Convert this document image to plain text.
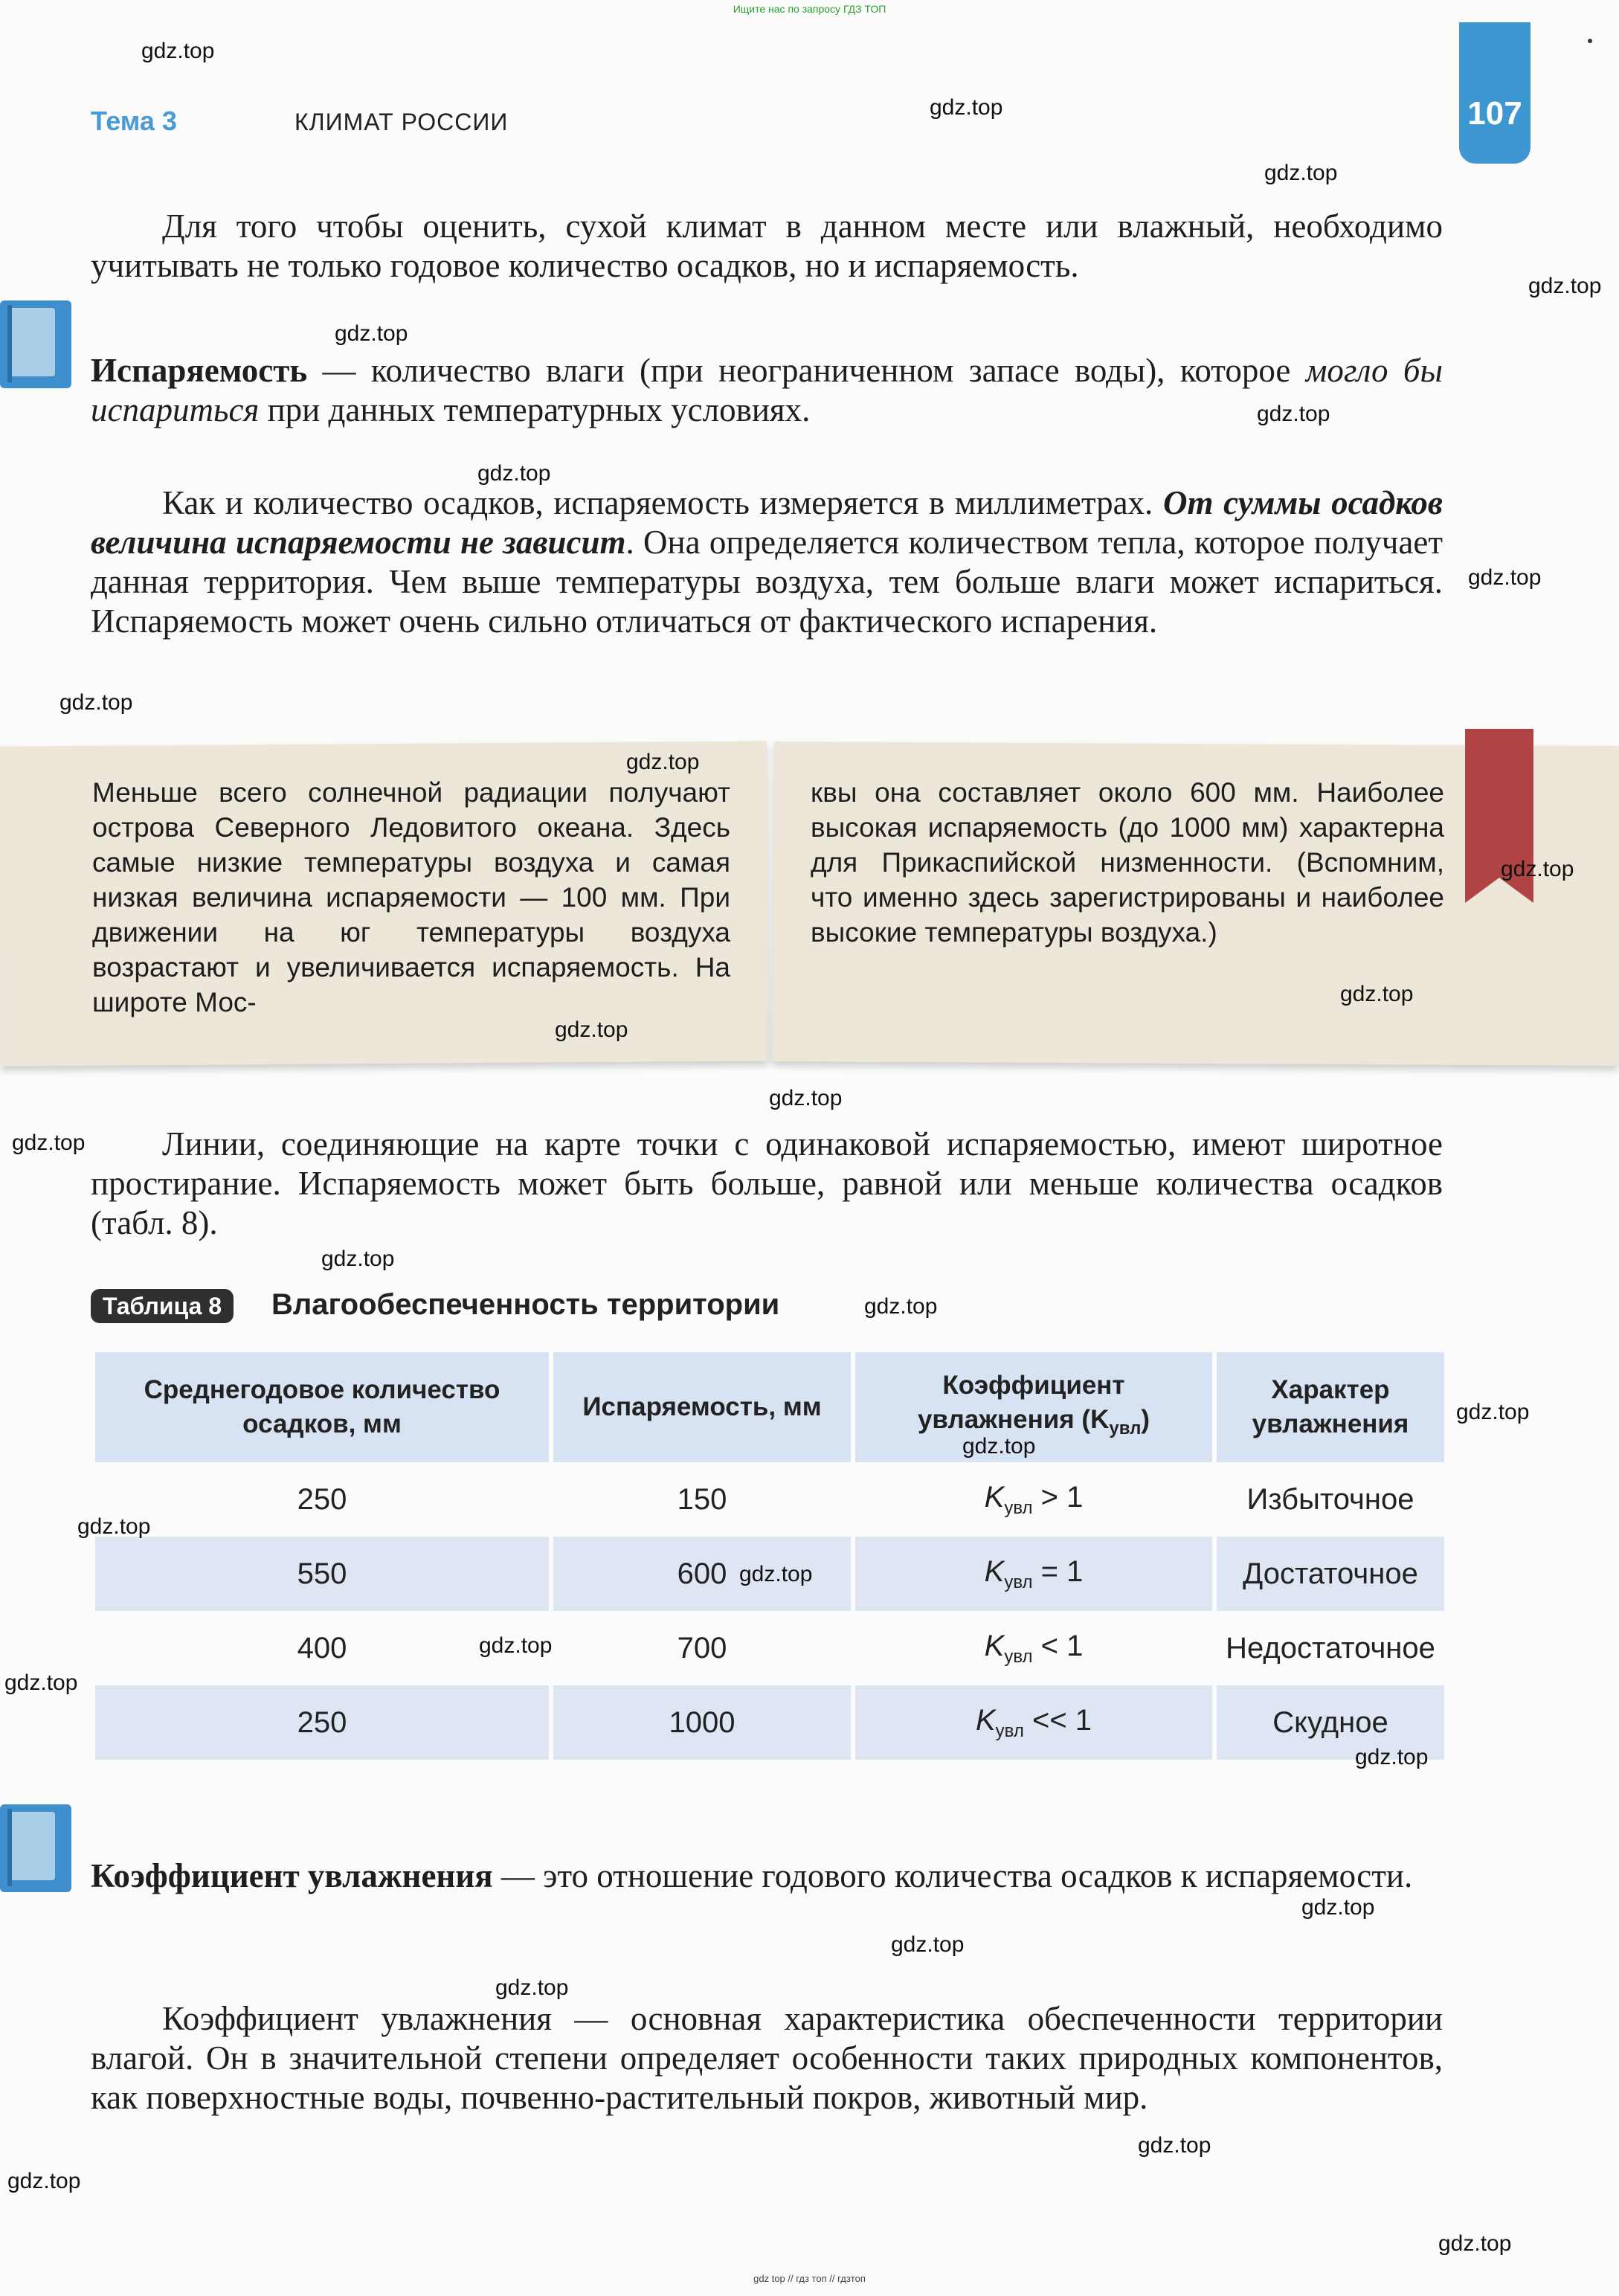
Ищите нас по запросу ГДЗ ТОП
107
Тема 3	КЛИМАТ РОССИИ

Для того чтобы оценить, сухой климат в данном месте или влажный, необходимо учитывать не только годовое количество осадков, но и испаряемость.

Испаряемость — количество влаги (при неограниченном запасе воды), которое могло бы испариться при данных температурных условиях.

Как и количество осадков, испаряемость измеряется в миллиметрах. От суммы осадков величина испаряемости не зависит. Она определяется количеством тепла, которое получает данная территория. Чем выше температуры воздуха, тем больше влаги может испариться. Испаряемость может очень сильно отличаться от фактического испарения.

Меньше всего солнечной радиации получают острова Северного Ледовитого океана. Здесь самые низкие температуры воздуха и самая низкая величина испаряемости — 100 мм. При движении на юг температуры воздуха возрастают и увеличивается испаряемость. На широте Мос-
квы она составляет около 600 мм. Наиболее высокая испаряемость (до 1000 мм) характерна для Прикаспийской низменности. (Вспомним, что именно здесь зарегистрированы и наиболее высокие температуры воздуха.)

Линии, соединяющие на карте точки с одинаковой испаряемостью, имеют широтное простирание. Испаряемость может быть больше, равной или меньше количества осадков (табл. 8).

Таблица 8	Влагообеспеченность территории
Среднегодовое количество осадков, мм	Испаряемость, мм	Коэффициент увлажнения $(K_{увл})$	Характер увлажнения
250	150	$K_{увл} > 1$	Избыточное
550	600	$K_{увл} = 1$	Достаточное
400	700	$K_{увл} < 1$	Недостаточное
250	1000	$K_{увл} << 1$	Скудное

Коэффициент увлажнения — это отношение годового количества осадков к испаряемости.

Коэффициент увлажнения — основная характеристика обеспеченности территории влагой. Он в значительной степени определяет особенности таких природных компонентов, как поверхностные воды, почвенно-растительный покров, животный мир.

gdz.top
gdz.top
gdz.top
gdz.top
gdz.top
gdz.top
gdz.top
gdz.top
gdz.top
gdz.top
gdz.top
gdz.top
gdz.top
gdz.top
gdz.top
gdz.top
gdz.top
gdz.top
gdz.top
gdz.top
gdz.top
gdz.top
gdz.top
gdz.top
gdz.top
gdz.top
gdz.top
gdz.top
gdz.top
gdz.top
gdz top // гдз топ // гдзтоп
